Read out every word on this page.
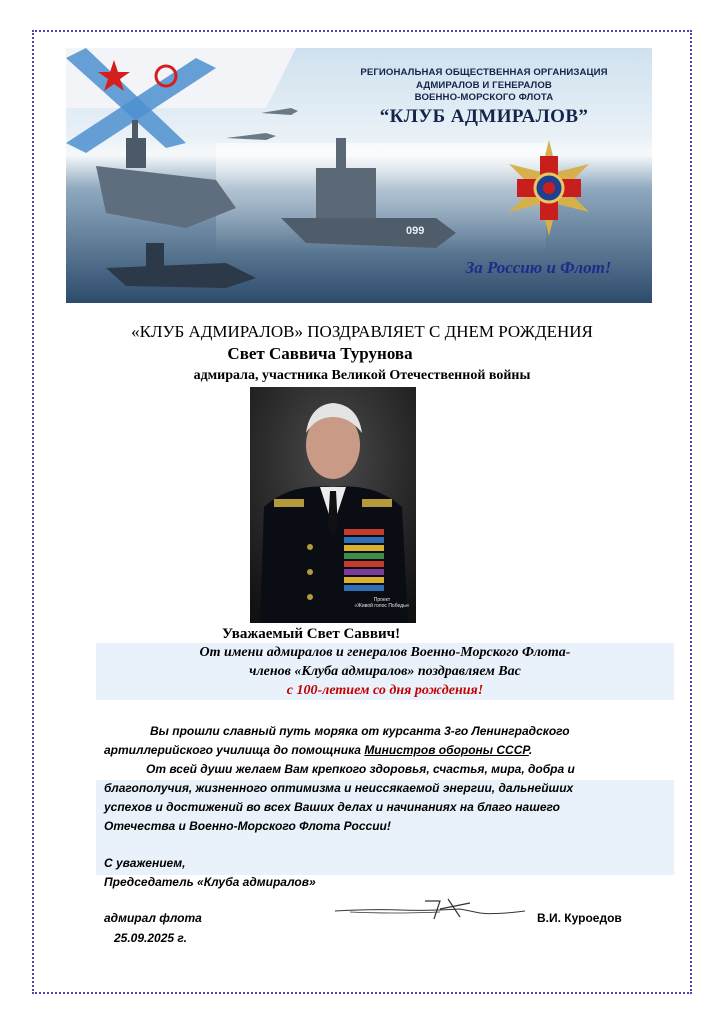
099
РЕГИОНАЛЬНАЯ ОБЩЕСТВЕННАЯ ОРГАНИЗАЦИЯ
АДМИРАЛОВ И ГЕНЕРАЛОВ
ВОЕННО-МОРСКОГО ФЛОТА
“КЛУБ АДМИРАЛОВ”
За Россию и Флот!
«КЛУБ АДМИРАЛОВ» ПОЗДРАВЛЯЕТ С ДНЕМ РОЖДЕНИЯ
Свет Саввича Турунова
адмирала, участника Великой Отечественной войны
Проект
«Живой голос Победы»
Уважаемый Свет Саввич!
От имени адмиралов и генералов Военно-Морского Флота-
членов «Клуба адмиралов» поздравляем Вас
с 100-летием со дня рождения!
Вы прошли славный путь моряка от курсанта 3-го Ленинградского
артиллерийского училища до помощника Министров обороны СССР.
От всей души желаем Вам крепкого здоровья, счастья, мира, добра и
благополучия, жизненного оптимизма и неиссякаемой энергии, дальнейших
успехов и достижений во всех Ваших делах и начинаниях на благо нашего
Отечества и Военно-Морского Флота России!
С уважением,
Председатель «Клуба адмиралов»
адмирал флота
25.09.2025 г.
В.И. Куроедов
